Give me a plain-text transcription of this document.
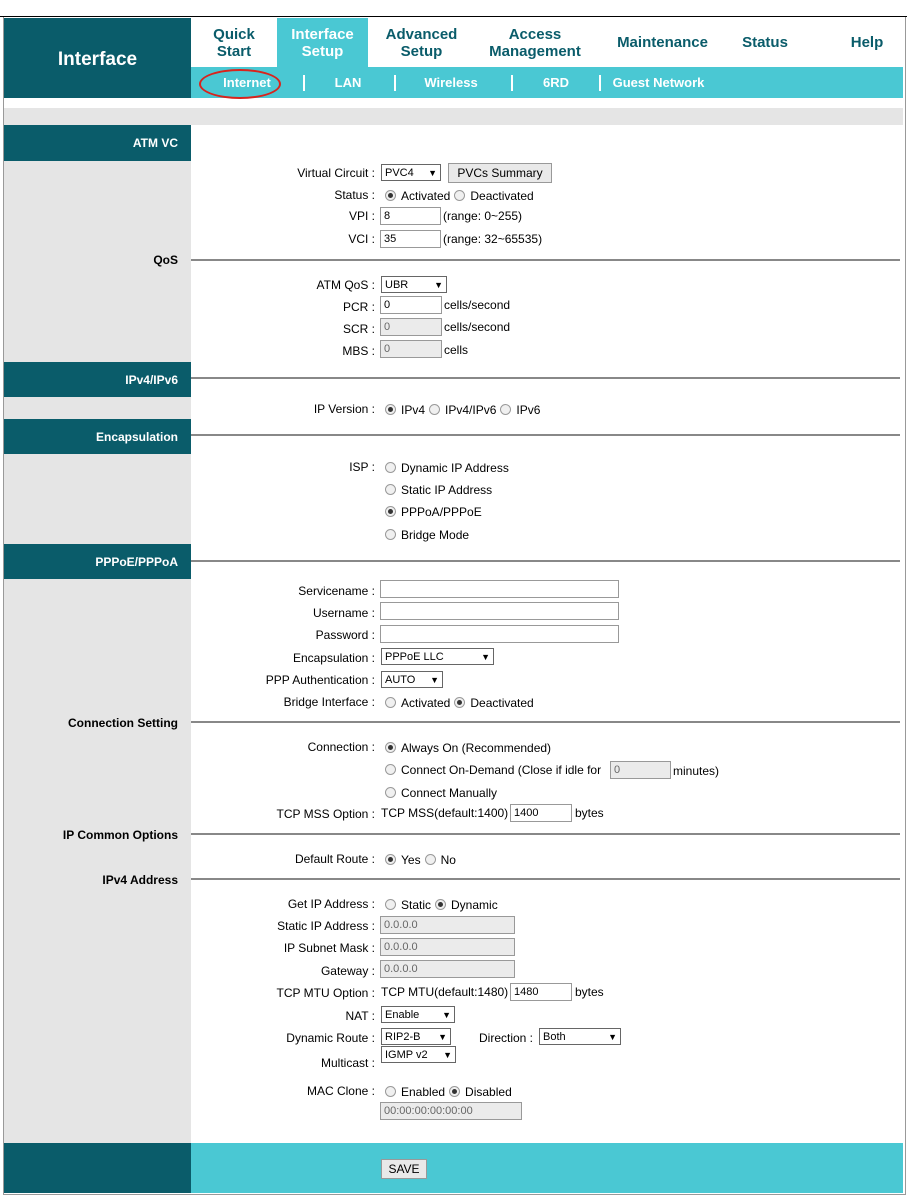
Interface
Quick
Start
Interface
Setup
Advanced
Setup
Access
Management Maintenance Status	Help
Internet	LAN	Wireless	6RD	Guest Network
ATM VC
QoS
IPv4/IPv6
Encapsulation
PPPoE/PPPoA
Connection Setting
IP Common Options
IPv4 Address
Virtual Circuit : PVC4 ▼	PVCs Summary
Status : Activated Deactivated
VPI :
8	(range: 0~255)
VCI :
35	(range: 32~65535)
ATM QoS : UBR	▼
PCR :
0	cells/second
SCR :
0	cells/second
MBS :
0	cells
IP Version : IPv4 IPv4/IPv6 IPv6
ISP : Dynamic IP Address
Static IP Address
PPPoA/PPPoE
Bridge Mode
Servicename :
Username :
Password :
Encapsulation : PPPoE LLC	▼
PPP Authentication : AUTO ▼
Bridge Interface : Activated Deactivated
Connection : Always On (Recommended)
Connect On-Demand (Close if idle for
0	minutes)
Connect Manually
TCP MSS Option : TCP MSS(default:1400)
1400	bytes
Default Route : Yes No
Get IP Address : Static Dynamic
Static IP Address :
0.0.0.0
IP Subnet Mask :
0.0.0.0
Gateway :
0.0.0.0
TCP MTU Option : TCP MTU(default:1480)
1480	bytes
NAT : Enable	▼
Dynamic Route : RIP2-B ▼	Direction : Both	▼
Multicast :
IGMP v2 ▼
MAC Clone : Enabled Disabled
00:00:00:00:00:00
SAVE
